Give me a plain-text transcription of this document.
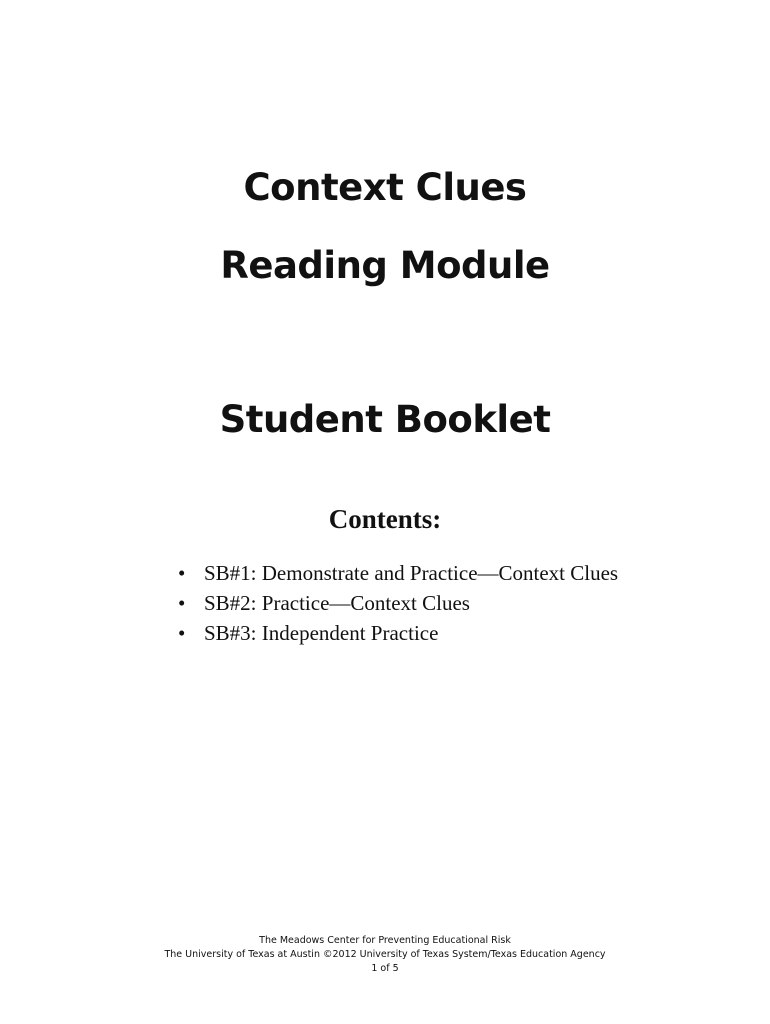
Context Clues
Reading Module
Student Booklet
Contents:
• SB#1: Demonstrate and Practice—Context Clues
• SB#2: Practice—Context Clues
• SB#3: Independent Practice
The Meadows Center for Preventing Educational Risk
The University of Texas at Austin ©2012 University of Texas System/Texas Education Agency
1 of 5
